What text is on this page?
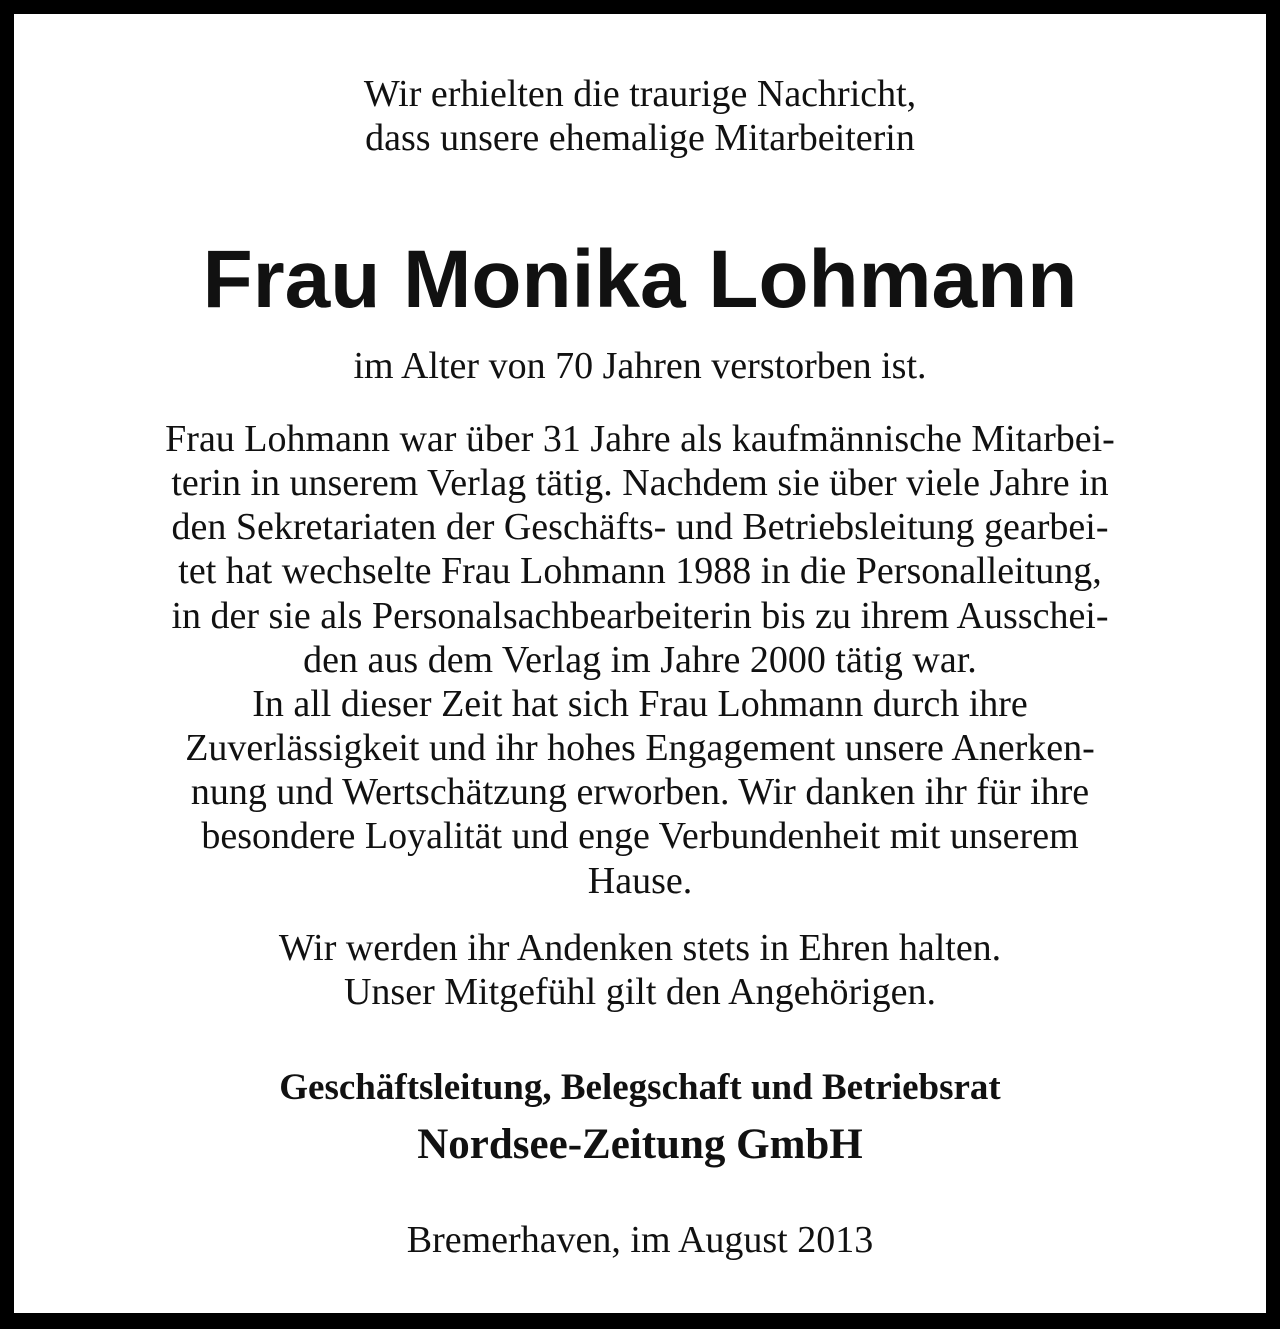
Wir erhielten die traurige Nachricht,
dass unsere ehemalige Mitarbeiterin
Frau Monika Lohmann
im Alter von 70 Jahren verstorben ist.
Frau Lohmann war über 31 Jahre als kaufmännische Mitarbei-
terin in unserem Verlag tätig. Nachdem sie über viele Jahre in
den Sekretariaten der Geschäfts- und Betriebsleitung gearbei-
tet hat wechselte Frau Lohmann 1988 in die Personalleitung,
in der sie als Personalsachbearbeiterin bis zu ihrem Ausschei-
den aus dem Verlag im Jahre 2000 tätig war.
In all dieser Zeit hat sich Frau Lohmann durch ihre
Zuverlässigkeit und ihr hohes Engagement unsere Anerken-
nung und Wertschätzung erworben. Wir danken ihr für ihre
besondere Loyalität und enge Verbundenheit mit unserem
Hause.
Wir werden ihr Andenken stets in Ehren halten.
Unser Mitgefühl gilt den Angehörigen.
Geschäftsleitung, Belegschaft und Betriebsrat
Nordsee-Zeitung GmbH
Bremerhaven, im August 2013
